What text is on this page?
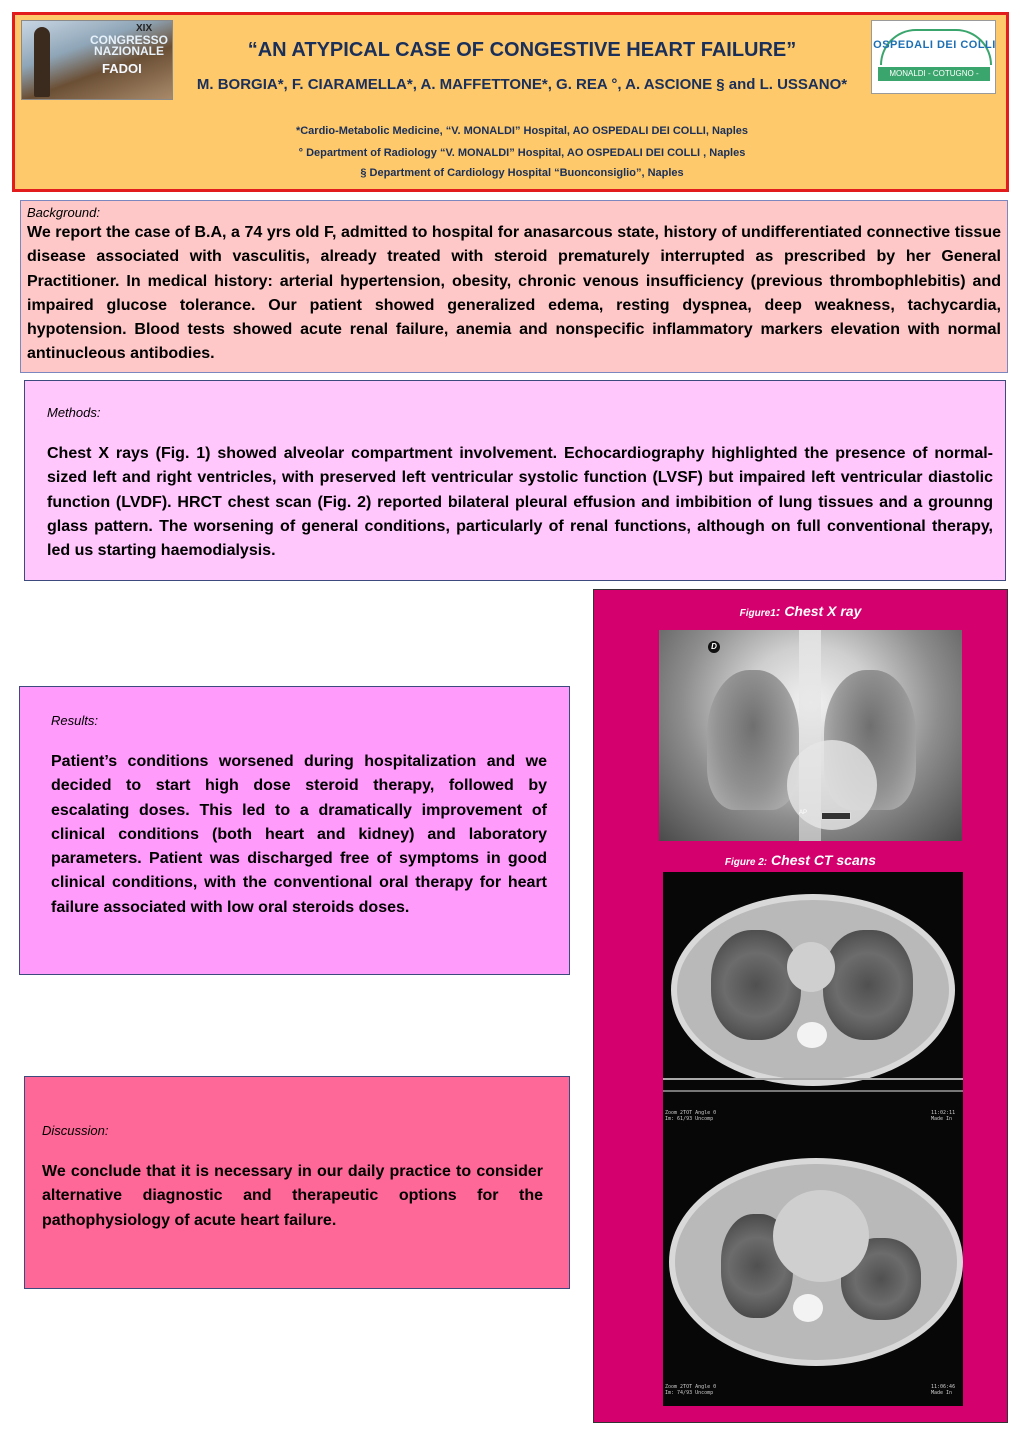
XIX
CONGRESSO
NAZIONALE
FADOI
OSPEDALI DEI COLLI
MONALDI - COTUGNO - C.T.O.
“AN ATYPICAL CASE OF CONGESTIVE HEART FAILURE”
M. BORGIA*, F. CIARAMELLA*, A. MAFFETTONE*, G. REA °, A. ASCIONE § and L. USSANO*
*Cardio-Metabolic Medicine, “V. MONALDI” Hospital, AO OSPEDALI DEI COLLI, Naples
° Department of Radiology “V. MONALDI” Hospital, AO OSPEDALI DEI COLLI , Naples
§ Department of Cardiology Hospital “Buonconsiglio”, Naples
Background:
We report the case of B.A, a 74 yrs old F, admitted to hospital for anasarcous state, history of undifferentiated connective tissue disease associated with vasculitis, already treated with steroid prematurely interrupted as prescribed by her General Practitioner. In medical history: arterial hypertension, obesity, chronic venous insufficiency (previous thrombophlebitis) and impaired glucose tolerance. Our patient showed generalized edema, resting dyspnea, deep weakness, tachycardia, hypotension. Blood tests showed acute renal failure, anemia and nonspecific inflammatory markers elevation with normal antinucleous antibodies.
Methods:
Chest X rays (Fig. 1) showed alveolar compartment involvement. Echocardiography highlighted the presence of normal-sized left and right ventricles, with preserved left ventricular systolic function (LVSF) but impaired left ventricular diastolic function (LVDF). HRCT chest scan (Fig. 2) reported bilateral pleural effusion and imbibition of lung tissues and a grounng glass pattern. The worsening of general conditions, particularly of renal functions, although on full conventional therapy, led us starting haemodialysis.
Results:
Patient’s conditions worsened during hospitalization and we decided to start high dose steroid therapy, followed by escalating doses. This led to a dramatically improvement of clinical conditions (both heart and kidney) and laboratory parameters. Patient was discharged free of symptoms in good clinical conditions, with the conventional oral therapy for heart failure associated with low oral steroids doses.
Discussion:
We conclude that it is necessary in our daily practice to consider alternative diagnostic and therapeutic options for the pathophysiology of acute heart failure.
Figure1: Chest X ray
D
AP
Figure 2: Chest CT scans
Zoom 2TOT Angle 0
Im: 61/93 Uncomp
11:02:11
Made In
Zoom 2TOT Angle 0
Im: 74/93 Uncomp
11:06:46
Made In
